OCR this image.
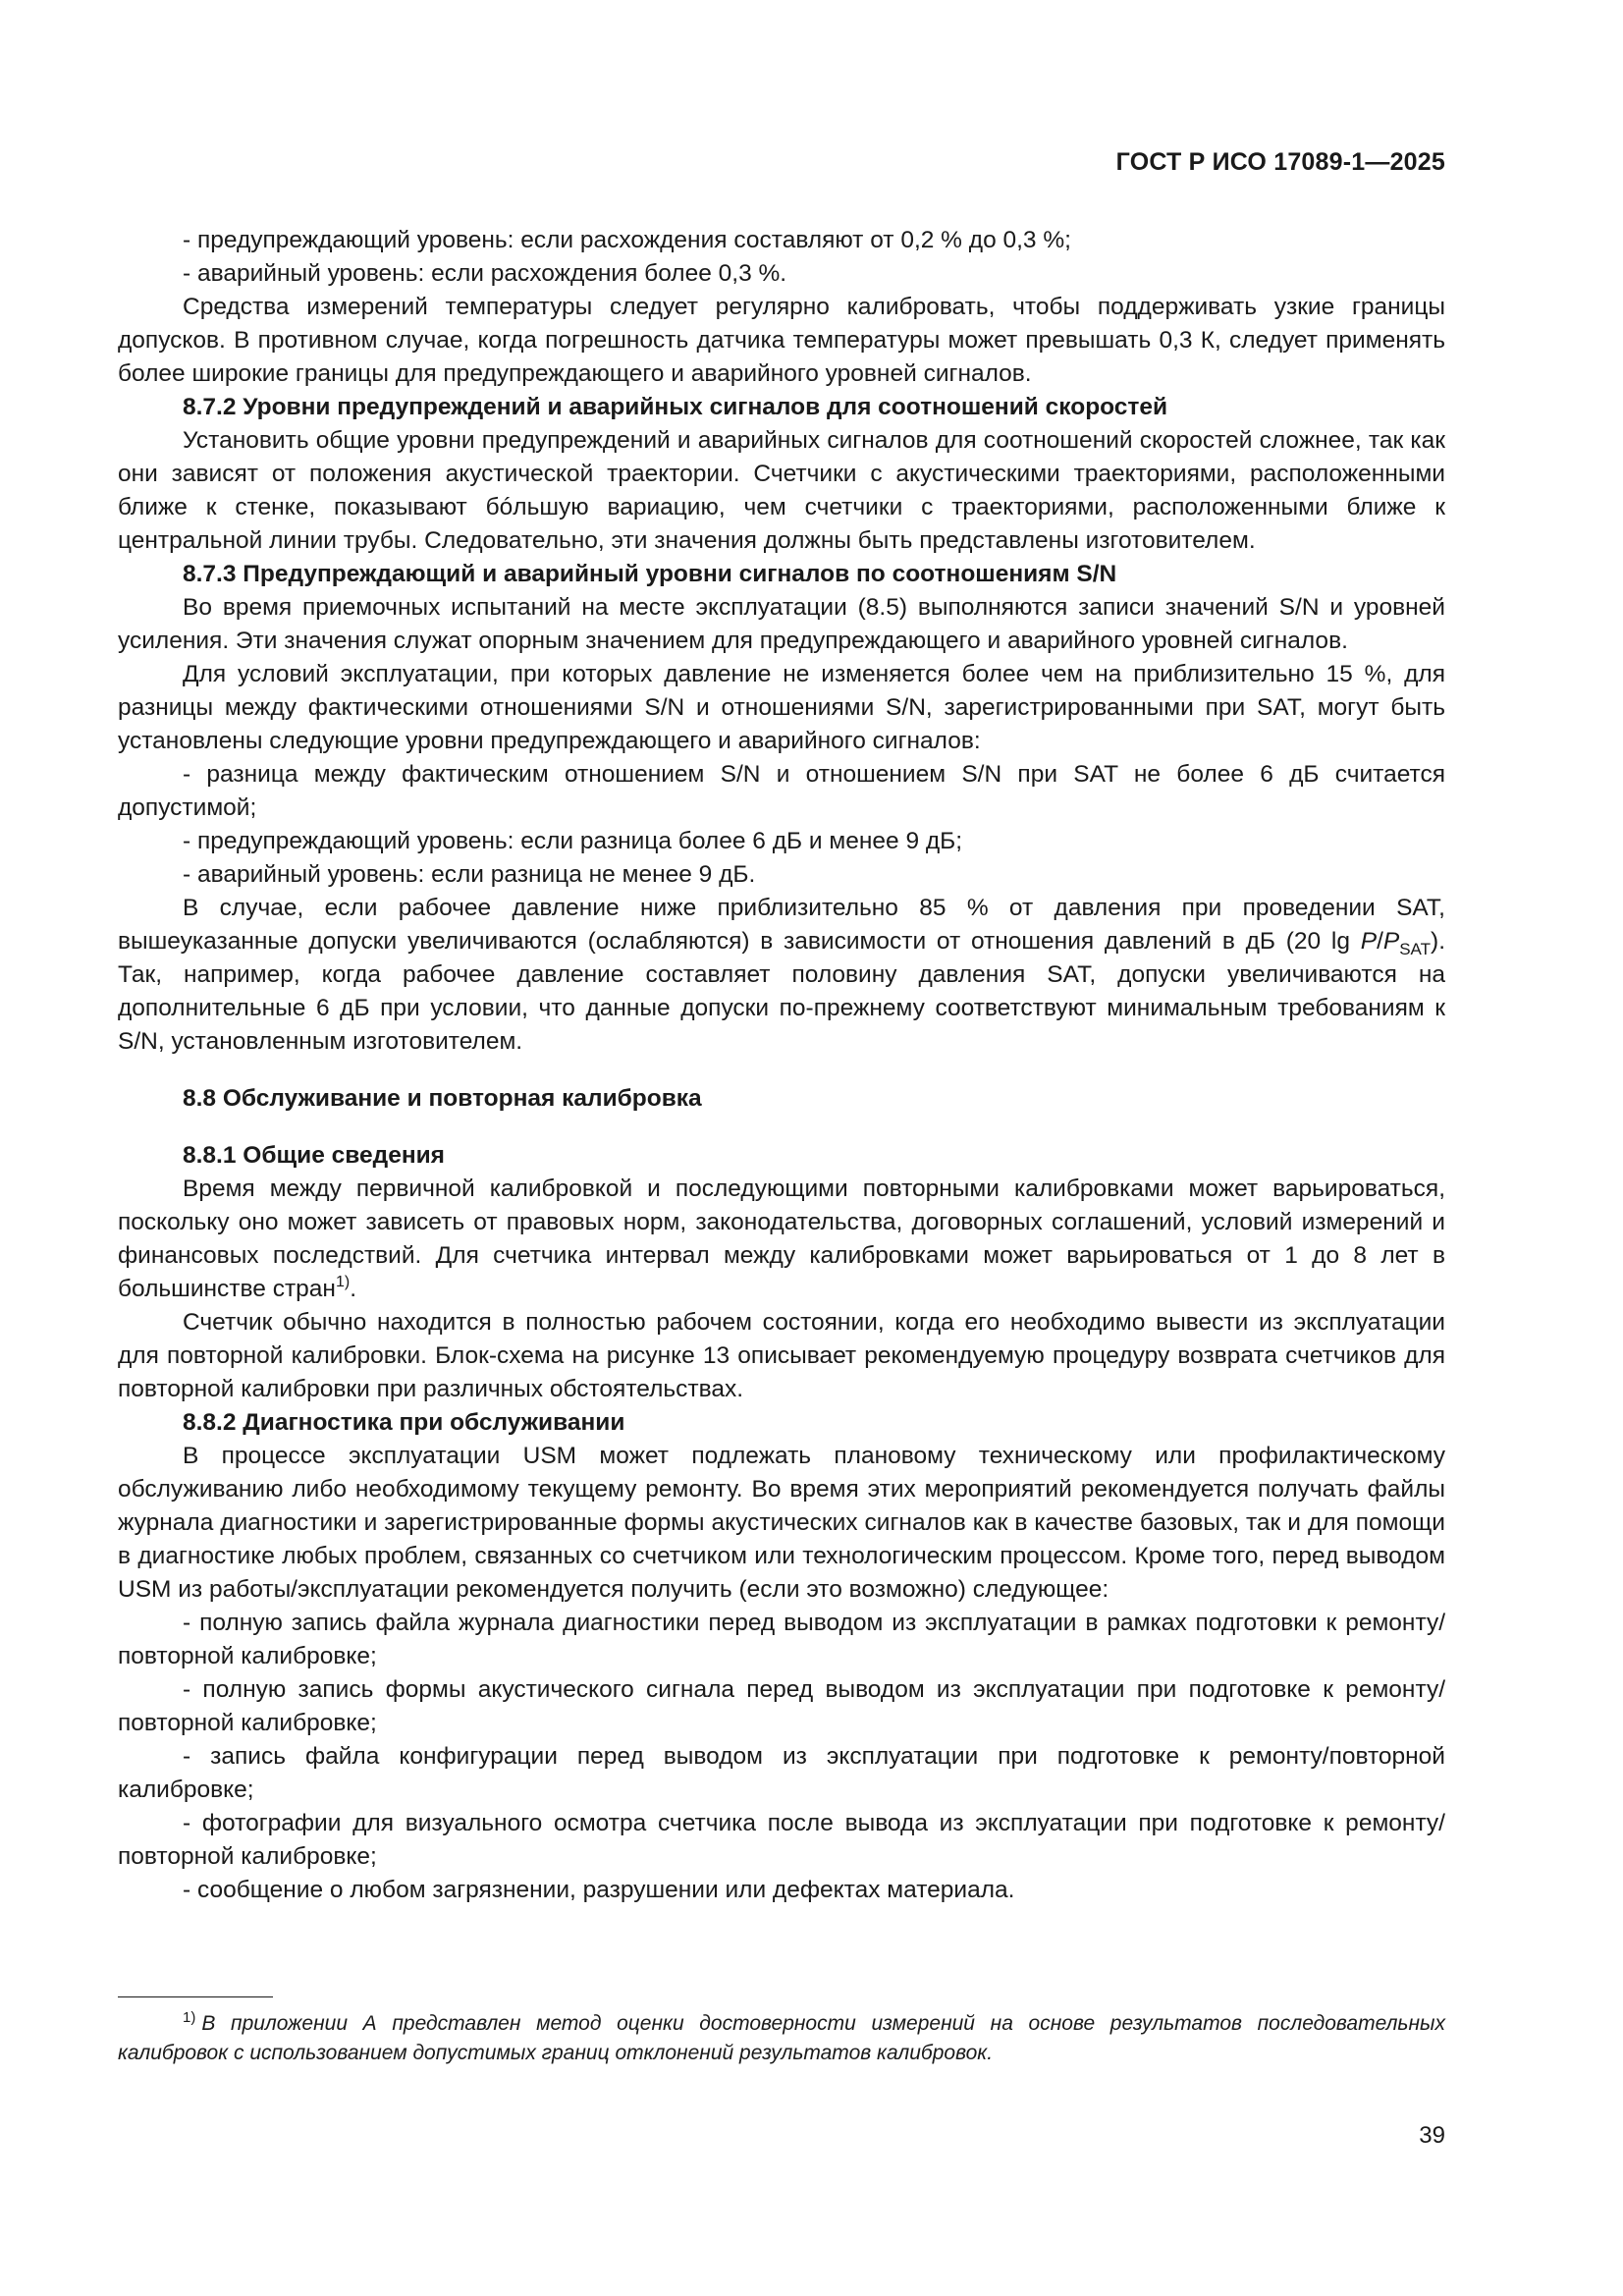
ГОСТ Р ИСО 17089-1—2025

- предупреждающий уровень: если расхождения составляют от 0,2 % до 0,3 %;

- аварийный уровень: если расхождения более 0,3 %.

Средства измерений температуры следует регулярно калибровать, чтобы поддерживать узкие границы допусков. В противном случае, когда погрешность датчика температуры может превышать 0,3 К, следует применять более широкие границы для предупреждающего и аварийного уровней сигналов.

8.7.2 Уровни предупреждений и аварийных сигналов для соотношений скоростей

Установить общие уровни предупреждений и аварийных сигналов для соотношений скоростей сложнее, так как они зависят от положения акустической траектории. Счетчики с акустическими траекториями, расположенными ближе к стенке, показывают бóльшую вариацию, чем счетчики с траекториями, расположенными ближе к центральной линии трубы. Следовательно, эти значения должны быть представлены изготовителем.

8.7.3 Предупреждающий и аварийный уровни сигналов по соотношениям S/N

Во время приемочных испытаний на месте эксплуатации (8.5) выполняются записи значений S/N и уровней усиления. Эти значения служат опорным значением для предупреждающего и аварийного уровней сигналов.

Для условий эксплуатации, при которых давление не изменяется более чем на приблизительно 15 %, для разницы между фактическими отношениями S/N и отношениями S/N, зарегистрированными при SAT, могут быть установлены следующие уровни предупреждающего и аварийного сигналов:

- разница между фактическим отношением S/N и отношением S/N при SAT не более 6 дБ считается допустимой;

- предупреждающий уровень: если разница более 6 дБ и менее 9 дБ;

- аварийный уровень: если разница не менее 9 дБ.

В случае, если рабочее давление ниже приблизительно 85 % от давления при проведении SAT, вышеуказанные допуски увеличиваются (ослабляются) в зависимости от отношения давлений в дБ (20 $\lg P/P_{SAT}$). Так, например, когда рабочее давление составляет половину давления SAT, допуски увеличиваются на дополнительные 6 дБ при условии, что данные допуски по-прежнему соответствуют минимальным требованиям к S/N, установленным изготовителем.

8.8 Обслуживание и повторная калибровка

8.8.1 Общие сведения

Время между первичной калибровкой и последующими повторными калибровками может варьироваться, поскольку оно может зависеть от правовых норм, законодательства, договорных соглашений, условий измерений и финансовых последствий. Для счетчика интервал между калибровками может варьироваться от 1 до 8 лет в большинстве стран$^{1)}$.

Счетчик обычно находится в полностью рабочем состоянии, когда его необходимо вывести из эксплуатации для повторной калибровки. Блок-схема на рисунке 13 описывает рекомендуемую процедуру возврата счетчиков для повторной калибровки при различных обстоятельствах.

8.8.2 Диагностика при обслуживании

В процессе эксплуатации USM может подлежать плановому техническому или профилактическому обслуживанию либо необходимому текущему ремонту. Во время этих мероприятий рекомендуется получать файлы журнала диагностики и зарегистрированные формы акустических сигналов как в качестве базовых, так и для помощи в диагностике любых проблем, связанных со счетчиком или технологическим процессом. Кроме того, перед выводом USM из работы/эксплуатации рекомендуется получить (если это возможно) следующее:

- полную запись файла журнала диагностики перед выводом из эксплуатации в рамках подготовки к ремонту/повторной калибровке;

- полную запись формы акустического сигнала перед выводом из эксплуатации при подготовке к ремонту/повторной калибровке;

- запись файла конфигурации перед выводом из эксплуатации при подготовке к ремонту/повторной калибровке;

- фотографии для визуального осмотра счетчика после вывода из эксплуатации при подготовке к ремонту/повторной калибровке;

- сообщение о любом загрязнении, разрушении или дефектах материала.

$^{1)}$ В приложении А представлен метод оценки достоверности измерений на основе результатов последовательных калибровок с использованием допустимых границ отклонений результатов калибровок.

39
